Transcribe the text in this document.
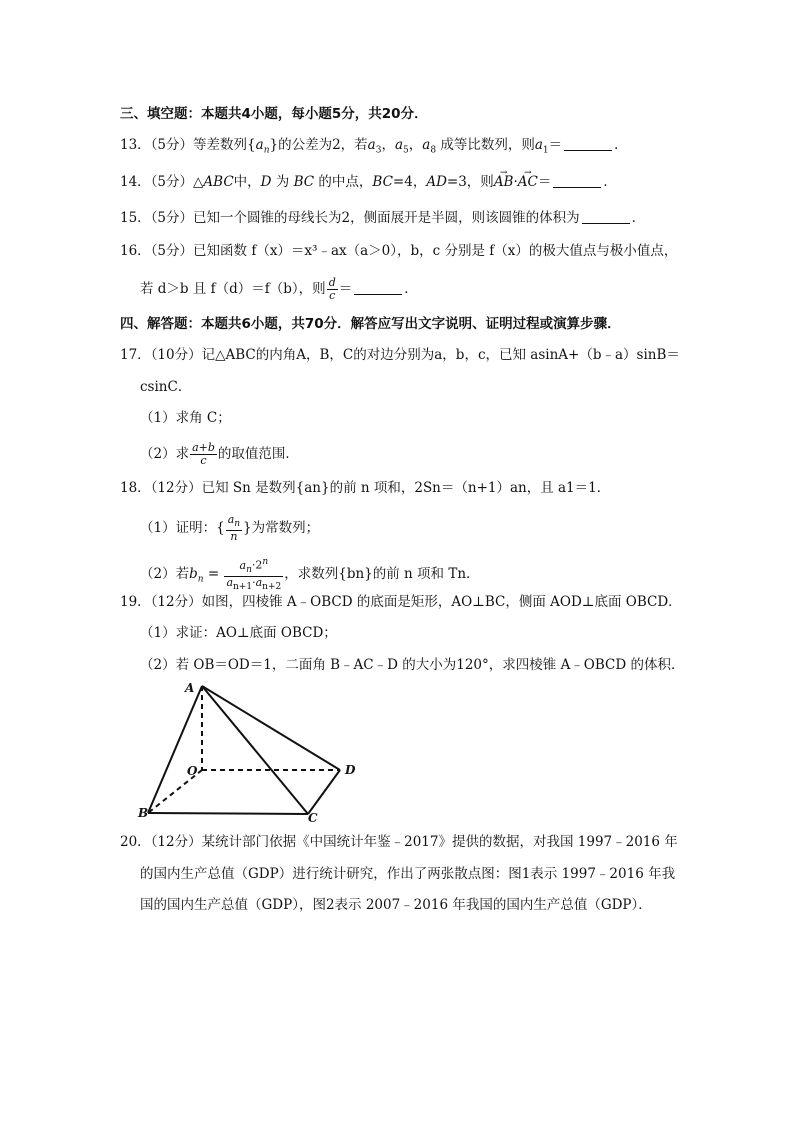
三、填空题：本题共4小题，每小题5分，共20分．
13．（5分）等差数列$\{a_n\}$的公差为2，若$a_3$，$a_5$，$a_8$ 成等比数列，则$a_1=$	．
14．（5分）△ABC中，D 为 BC 的中点，BC=4，AD=3，则→ AB·→ AC＝	．
15．（5分）已知一个圆锥的母线长为2，侧面展开是半圆，则该圆锥的体积为	．
16．（5分）已知函数 f（x）＝x³﹣ax（a＞0），b，c 分别是 f（x）的极大值点与极小值点，
若 d＞b 且 f（d）＝f（b），则 $\frac{d}{c}$ ＝	．
四、解答题：本题共6小题，共70分．解答应写出文字说明、证明过程或演算步骤．
17．（10分）记△ABC的内角A，B，C的对边分别为a，b，c，已知 asinA+（b﹣a）sinB＝
csinC．
（1）求角 C；
（2）求 $\frac{a+b}{c}$ 的取值范围．
18．（12分）已知 Sn 是数列{an}的前 n 项和，2Sn＝（n+1）an，且 a1＝1．
（1）证明：{ $\frac{a_n}{n}$ }为常数列；
（2）若$b_n = \frac{a_n\cdot 2^n}{a_{n+1}\cdot a_{n+2}}$ ，求数列{bn}的前 n 项和 Tn．
19．（12分）如图，四棱锥 A﹣OBCD 的底面是矩形，AO⊥BC，侧面 AOD⊥底面 OBCD．
（1）求证：AO⊥底面 OBCD；
（2）若 OB＝OD＝1，二面角 B﹣AC﹣D 的大小为120°，求四棱锥 A﹣OBCD 的体积．
A
O
B	C
D
20．（12分）某统计部门依据《中国统计年鉴﹣2017》提供的数据，对我国 1997﹣2016 年
的国内生产总值（GDP）进行统计研究，作出了两张散点图：图1表示 1997﹣2016 年我
国的国内生产总值（GDP），图2表示 2007﹣2016 年我国的国内生产总值（GDP）．
